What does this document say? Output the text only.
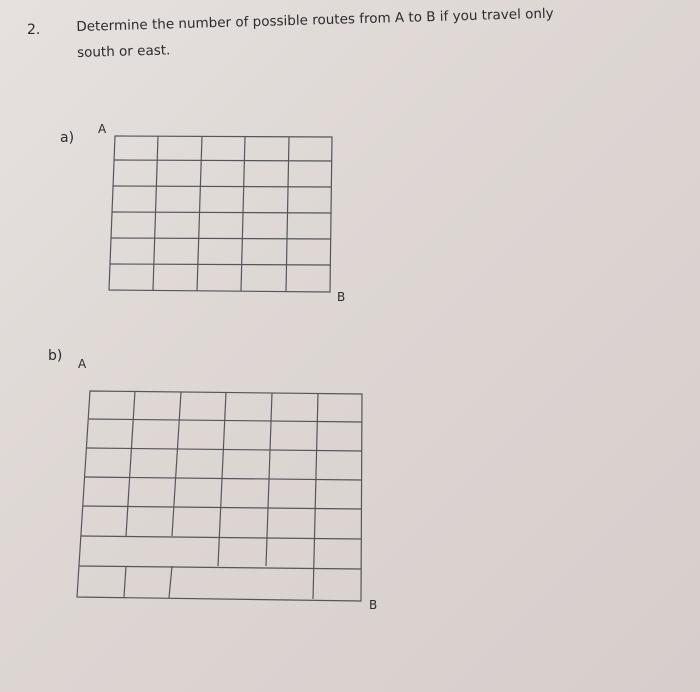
2.	Determine the number of possible routes from A to B if you travel only
south or east.
a)
A
B
b) A
B
